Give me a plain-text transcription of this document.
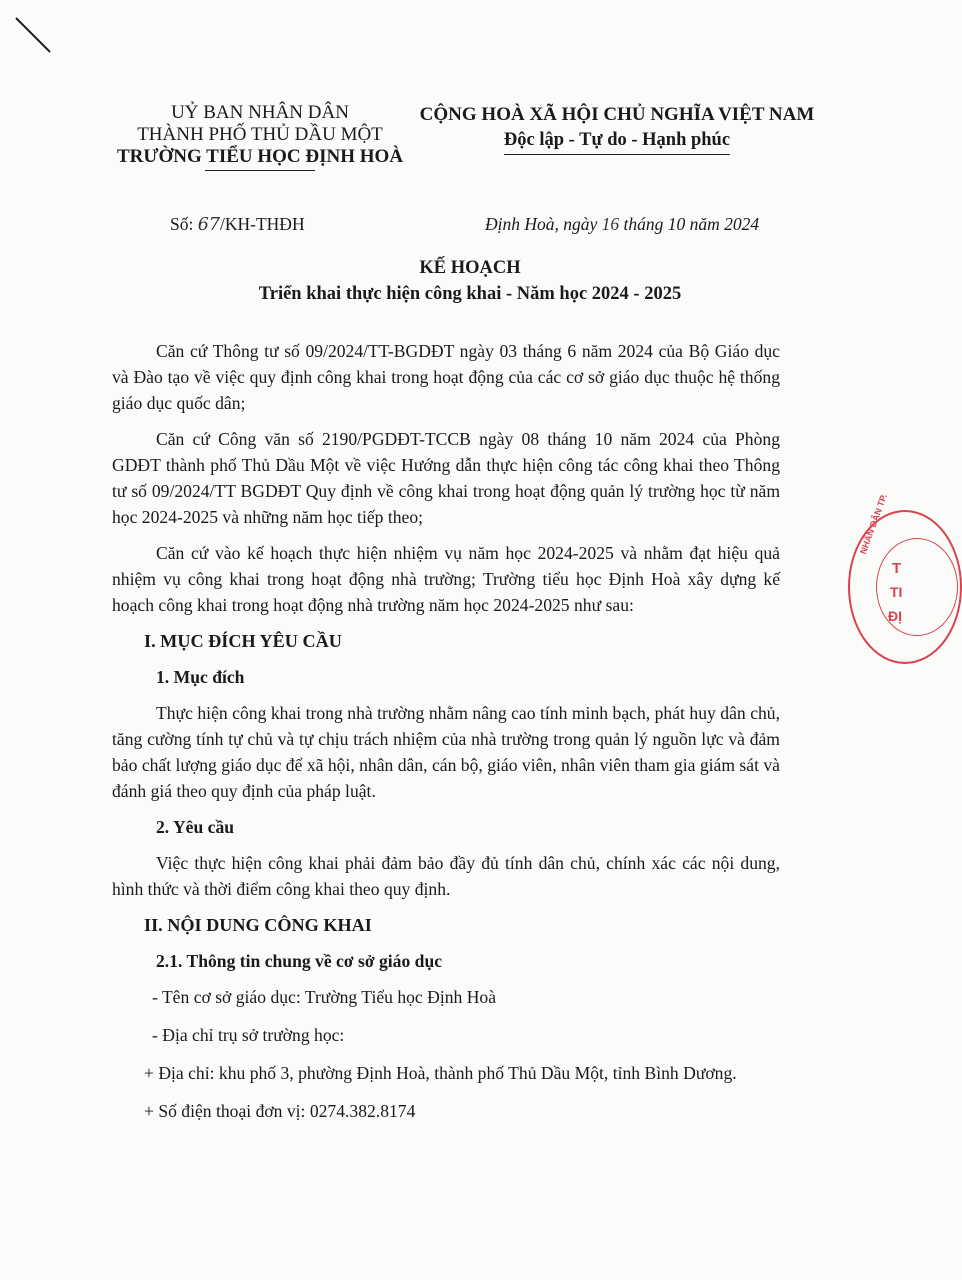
UỶ BAN NHÂN DÂN
THÀNH PHỐ THỦ DẦU MỘT
TRƯỜNG TIỂU HỌC ĐỊNH HOÀ
CỘNG HOÀ XÃ HỘI CHỦ NGHĨA VIỆT NAM
Độc lập - Tự do - Hạnh phúc
Số: 67/KH-THĐH	Định Hoà, ngày 16 tháng 10 năm 2024
KẾ HOẠCH
Triển khai thực hiện công khai - Năm học 2024 - 2025

Căn cứ Thông tư số 09/2024/TT-BGDĐT ngày 03 tháng 6 năm 2024 của Bộ Giáo dục và Đào tạo về việc quy định công khai trong hoạt động của các cơ sở giáo dục thuộc hệ thống giáo dục quốc dân;

Căn cứ Công văn số 2190/PGDĐT-TCCB ngày 08 tháng 10 năm 2024 của Phòng GDĐT thành phố Thủ Dầu Một về việc Hướng dẫn thực hiện công tác công khai theo Thông tư số 09/2024/TT BGDĐT Quy định về công khai trong hoạt động quản lý trường học từ năm học 2024-2025 và những năm học tiếp theo;

Căn cứ vào kế hoạch thực hiện nhiệm vụ năm học 2024-2025 và nhằm đạt hiệu quả nhiệm vụ công khai trong hoạt động nhà trường; Trường tiểu học Định Hoà xây dựng kế hoạch công khai trong hoạt động nhà trường năm học 2024-2025 như sau:

I. MỤC ĐÍCH YÊU CẦU

1. Mục đích

Thực hiện công khai trong nhà trường nhằm nâng cao tính minh bạch, phát huy dân chủ, tăng cường tính tự chủ và tự chịu trách nhiệm của nhà trường trong quản lý nguồn lực và đảm bảo chất lượng giáo dục để xã hội, nhân dân, cán bộ, giáo viên, nhân viên tham gia giám sát và đánh giá theo quy định của pháp luật.

2. Yêu cầu

Việc thực hiện công khai phải đảm bảo đầy đủ tính dân chủ, chính xác các nội dung, hình thức và thời điểm công khai theo quy định.

II. NỘI DUNG CÔNG KHAI

2.1. Thông tin chung về cơ sở giáo dục

- Tên cơ sở giáo dục: Trường Tiểu học Định Hoà

- Địa chỉ trụ sở trường học:

+ Địa chỉ: khu phố 3, phường Định Hoà, thành phố Thủ Dầu Một, tỉnh Bình Dương.

+ Số điện thoại đơn vị: 0274.382.8174

NHÂN DÂN TP.
T
TI
ĐỊ
